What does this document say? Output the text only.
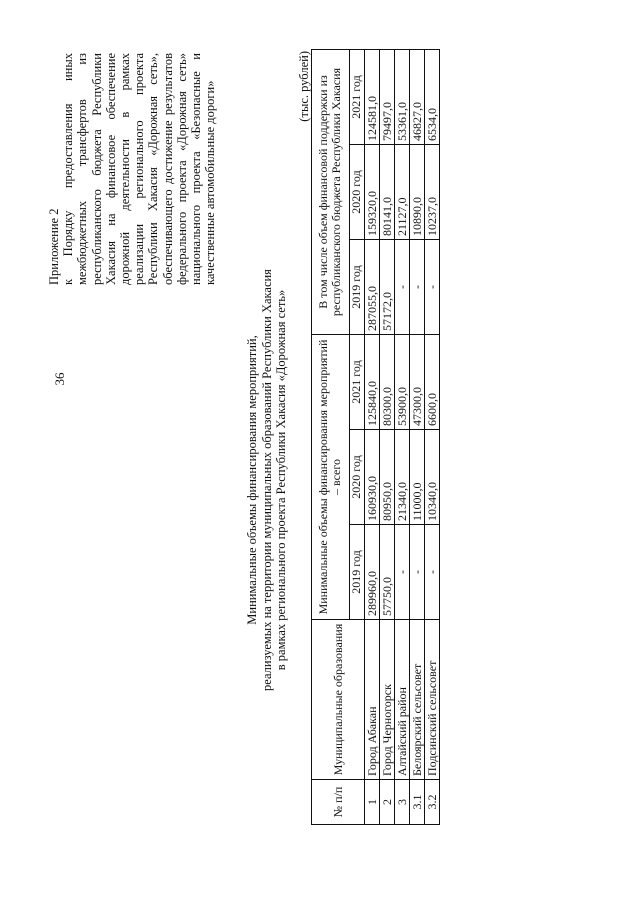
36
Приложение 2 к Порядку предоставления иных межбюджетных трансфертов из республиканского бюджета Республики Хакасия на финансовое обеспечение дорожной деятельности в рамках реализации регионального проекта Республики Хакасия «Дорожная сеть», обеспечивающего достижение результатов федерального проекта «Дорожная сеть» национального проекта «Безопасные и качественные автомобильные дороги»
Минимальные объемы финансирования мероприятий, реализуемых на территории муниципальных образований Республики Хакасия в рамках регионального проекта Республики Хакасия «Дорожная сеть»
(тыс. рублей)
№ п/п	Муниципальные образования	Минимальные объемы финансирования мероприятий – всего			В том числе объем финансовой поддержки из республиканского бюджета Республики Хакасия		
		2019 год	2020 год	2021 год	2019 год	2020 год	2021 год
1	Город Абакан	289960,0	160930,0	125840,0	287055,0	159320,0	124581,0
2	Город Черногорск	57750,0	80950,0	80300,0	57172,0	80141,0	79497,0
3	Алтайский район	-	21340,0	53900,0	-	21127,0	53361,0
3.1	Белоярский сельсовет	-	11000,0	47300,0	-	10890,0	46827,0
3.2	Подсинский сельсовет	-	10340,0	6600,0	-	10237,0	6534,0
